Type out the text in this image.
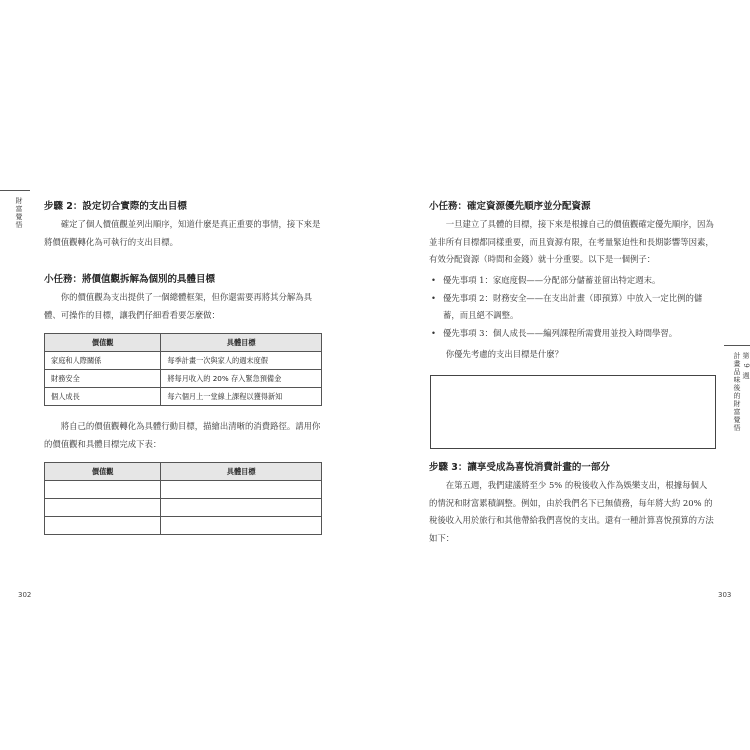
財富覺悟 步驟 2：設定切合實際的支出目標

確定了個人價值觀並列出順序，知道什麼是真正重要的事情，接下來是將價值觀轉化為可執行的支出目標。

小任務：將價值觀拆解為個別的具體目標

你的價值觀為支出提供了一個總體框架，但你還需要再將其分解為具體、可操作的目標，讓我們仔細看看要怎麼做：

價值觀	具體目標
家庭和人際關係	每季計畫一次與家人的週末度假
財務安全	將每月收入的 20% 存入緊急預備金
個人成長	每六個月上一堂線上課程以獲得新知

將自己的價值觀轉化為具體行動目標，描繪出清晰的消費路徑。請用你的價值觀和具體目標完成下表：

價值觀	具體目標

302
小任務：確定資源優先順序並分配資源

一旦建立了具體的目標，接下來是根據自己的價值觀確定優先順序，因為並非所有目標都同樣重要，而且資源有限，在考量緊迫性和長期影響等因素，有效分配資源（時間和金錢）就十分重要。以下是一個例子：

• 優先事項 1：家庭度假——分配部分儲蓄並留出特定週末。
• 優先事項 2：財務安全——在支出計畫（即預算）中放入一定比例的儲蓄，而且絕不調整。
• 優先事項 3：個人成長——編列課程所需費用並投入時間學習。

你優先考慮的支出目標是什麼？

步驟 3：讓享受成為喜悅消費計畫的一部分

在第五週，我們建議將至少 5% 的稅後收入作為娛樂支出，根據每個人的情況和財富累積調整。例如，由於我們名下已無債務，每年將大約 20% 的稅後收入用於旅行和其他帶給我們喜悅的支出。還有一種計算喜悅預算的方法如下：

第 9 週
計畫品味後的財富覺悟
303
